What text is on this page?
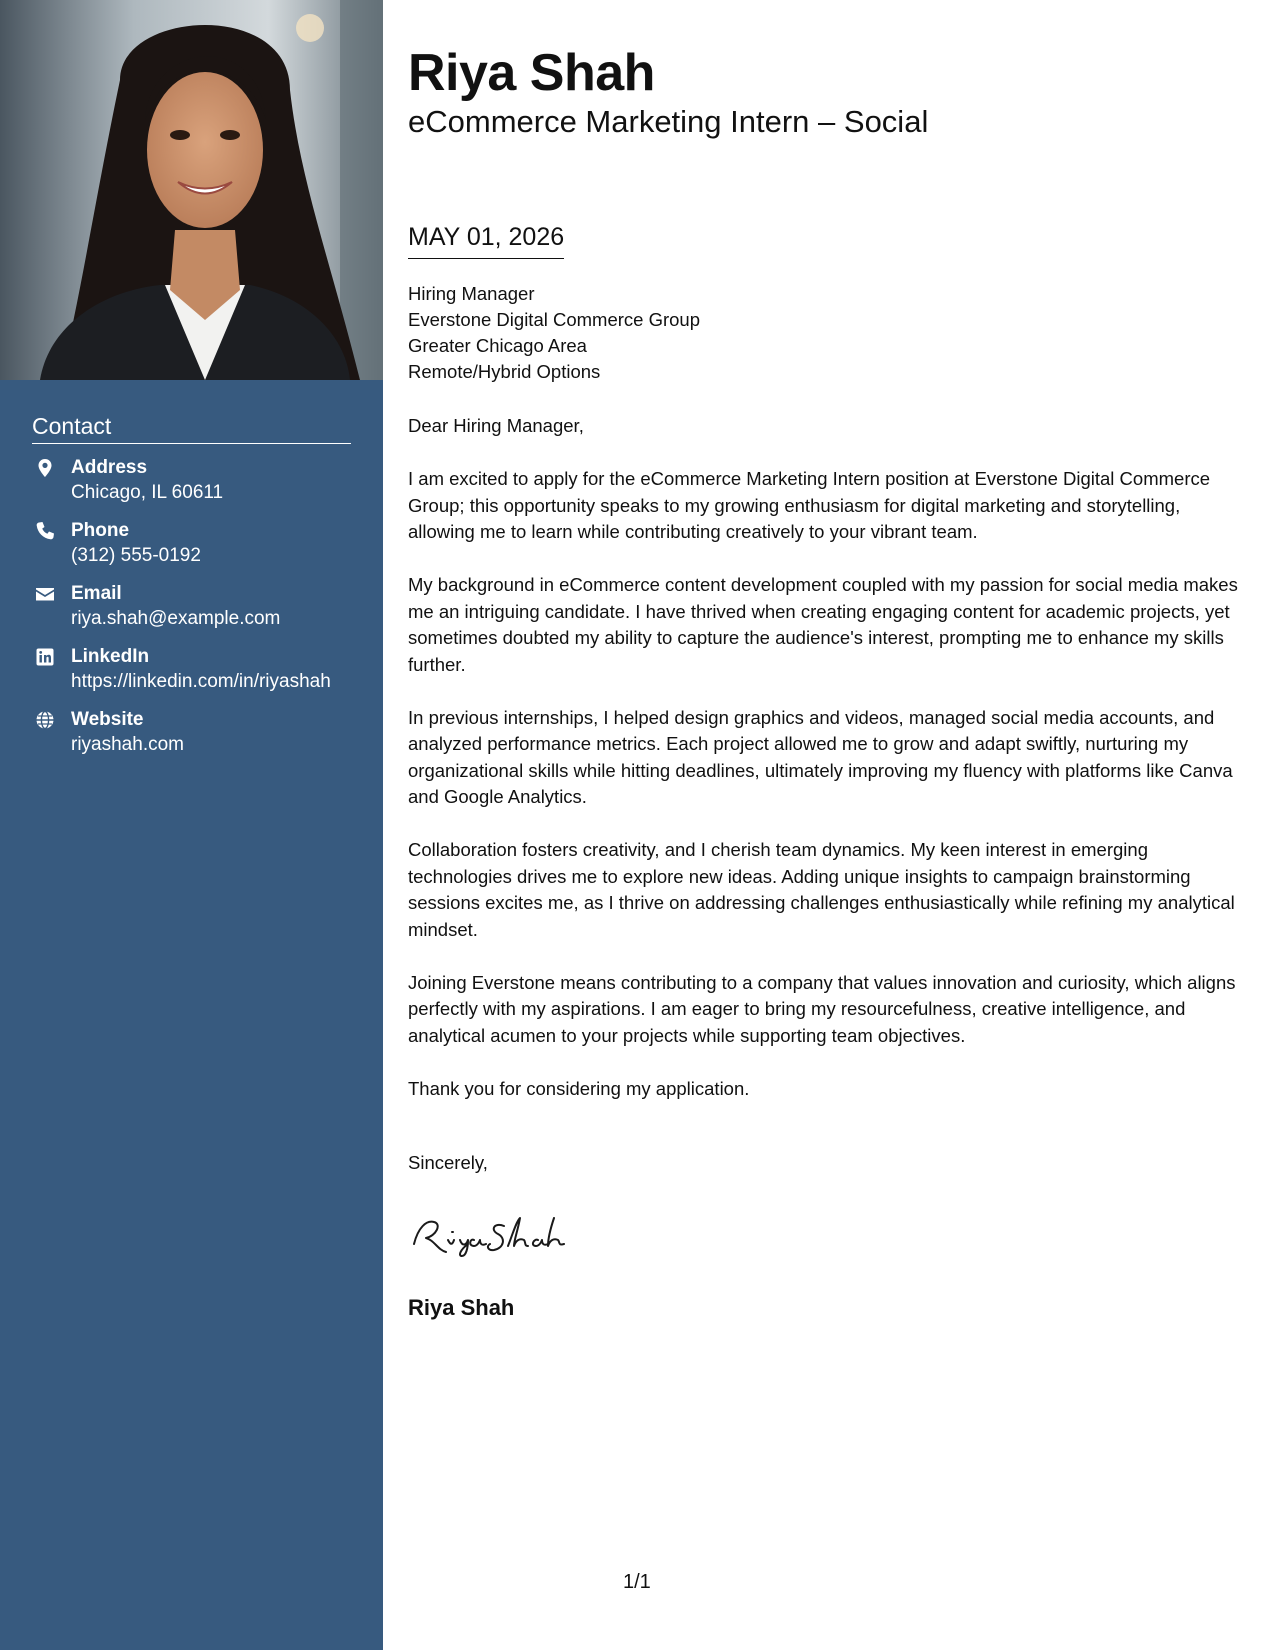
Contact
Address
Chicago, IL 60611
Phone
(312) 555-0192
Email
riya.shah@example.com
LinkedIn
https://linkedin.com/in/riyashah
Website
riyashah.com
Riya Shah
eCommerce Marketing Intern – Social
MAY 01, 2026
Hiring Manager
Everstone Digital Commerce Group
Greater Chicago Area
Remote/Hybrid Options

Dear Hiring Manager,

I am excited to apply for the eCommerce Marketing Intern position at Everstone Digital Commerce Group; this opportunity speaks to my growing enthusiasm for digital marketing and storytelling, allowing me to learn while contributing creatively to your vibrant team.

My background in eCommerce content development coupled with my passion for social media makes me an intriguing candidate. I have thrived when creating engaging content for academic projects, yet sometimes doubted my ability to capture the audience's interest, prompting me to enhance my skills further.

In previous internships, I helped design graphics and videos, managed social media accounts, and analyzed performance metrics. Each project allowed me to grow and adapt swiftly, nurturing my organizational skills while hitting deadlines, ultimately improving my fluency with platforms like Canva and Google Analytics.

Collaboration fosters creativity, and I cherish team dynamics. My keen interest in emerging technologies drives me to explore new ideas. Adding unique insights to campaign brainstorming sessions excites me, as I thrive on addressing challenges enthusiastically while refining my analytical mindset.

Joining Everstone means contributing to a company that values innovation and curiosity, which aligns perfectly with my aspirations. I am eager to bring my resourcefulness, creative intelligence, and analytical acumen to your projects while supporting team objectives.

Thank you for considering my application.

Sincerely,
Riya Shah
1/1
